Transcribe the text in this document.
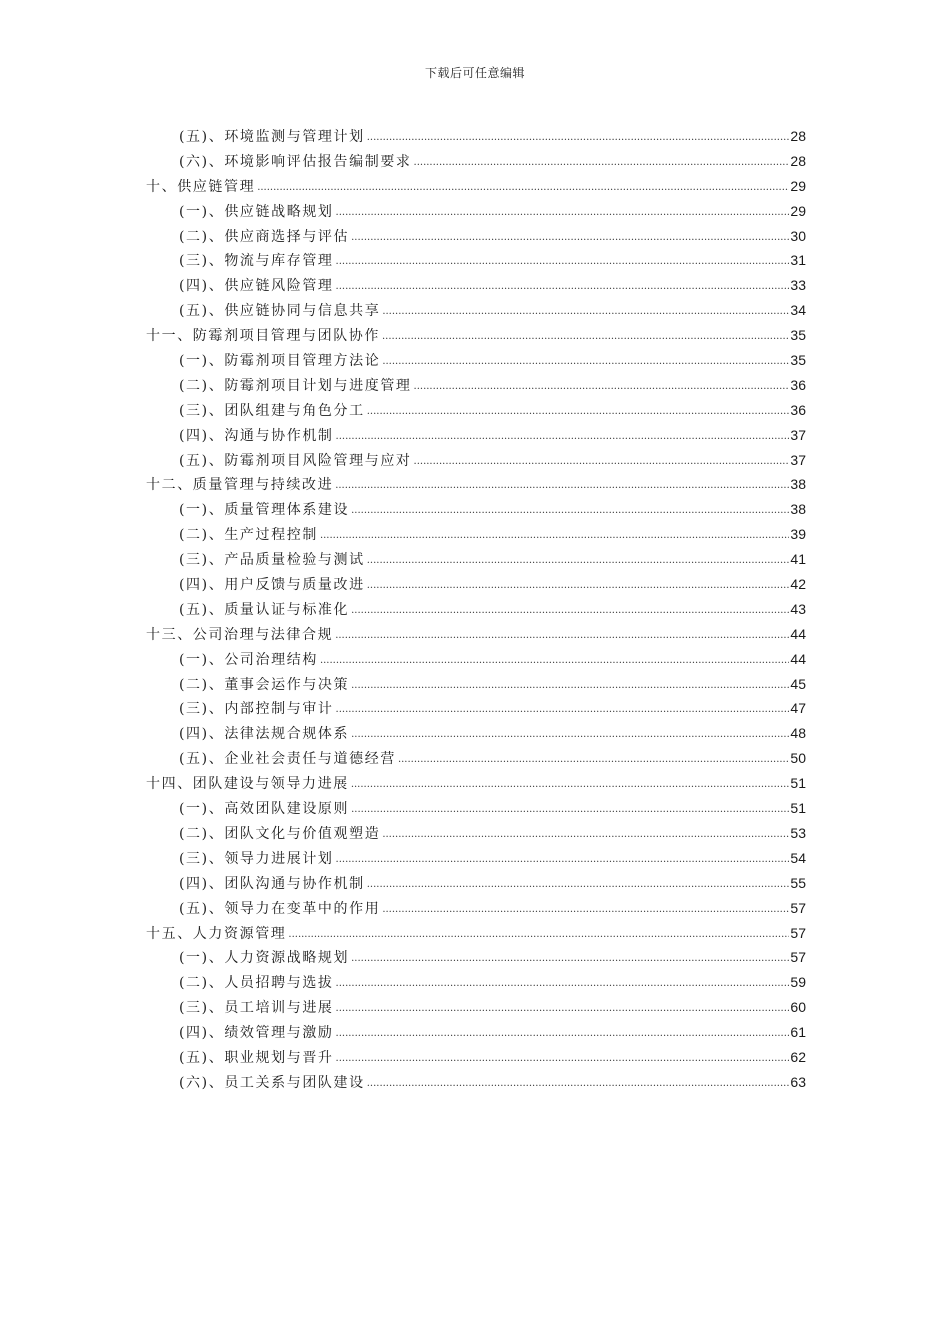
下载后可任意编辑
(五)、环境监测与管理计划 .....	28
(六)、环境影响评估报告编制要求 .....	28
十、供应链管理 .....	29
(一)、供应链战略规划 .....	29
(二)、供应商选择与评估 .....	30
(三)、物流与库存管理 .....	31
(四)、供应链风险管理 .....	33
(五)、供应链协同与信息共享 .....	34
十一、防霉剂项目管理与团队协作 .....	35
(一)、防霉剂项目管理方法论 .....	35
(二)、防霉剂项目计划与进度管理 .....	36
(三)、团队组建与角色分工 .....	36
(四)、沟通与协作机制 .....	37
(五)、防霉剂项目风险管理与应对 .....	37
十二、质量管理与持续改进 .....	38
(一)、质量管理体系建设 .....	38
(二)、生产过程控制 .....	39
(三)、产品质量检验与测试 .....	41
(四)、用户反馈与质量改进 .....	42
(五)、质量认证与标准化 .....	43
十三、公司治理与法律合规 .....	44
(一)、公司治理结构 .....	44
(二)、董事会运作与决策 .....	45
(三)、内部控制与审计 .....	47
(四)、法律法规合规体系 .....	48
(五)、企业社会责任与道德经营 .....	50
十四、团队建设与领导力进展 .....	51
(一)、高效团队建设原则 .....	51
(二)、团队文化与价值观塑造 .....	53
(三)、领导力进展计划 .....	54
(四)、团队沟通与协作机制 .....	55
(五)、领导力在变革中的作用 .....	57
十五、人力资源管理 .....	57
(一)、人力资源战略规划 .....	57
(二)、人员招聘与选拔 .....	59
(三)、员工培训与进展 .....	60
(四)、绩效管理与激励 .....	61
(五)、职业规划与晋升 .....	62
(六)、员工关系与团队建设 .....	63
